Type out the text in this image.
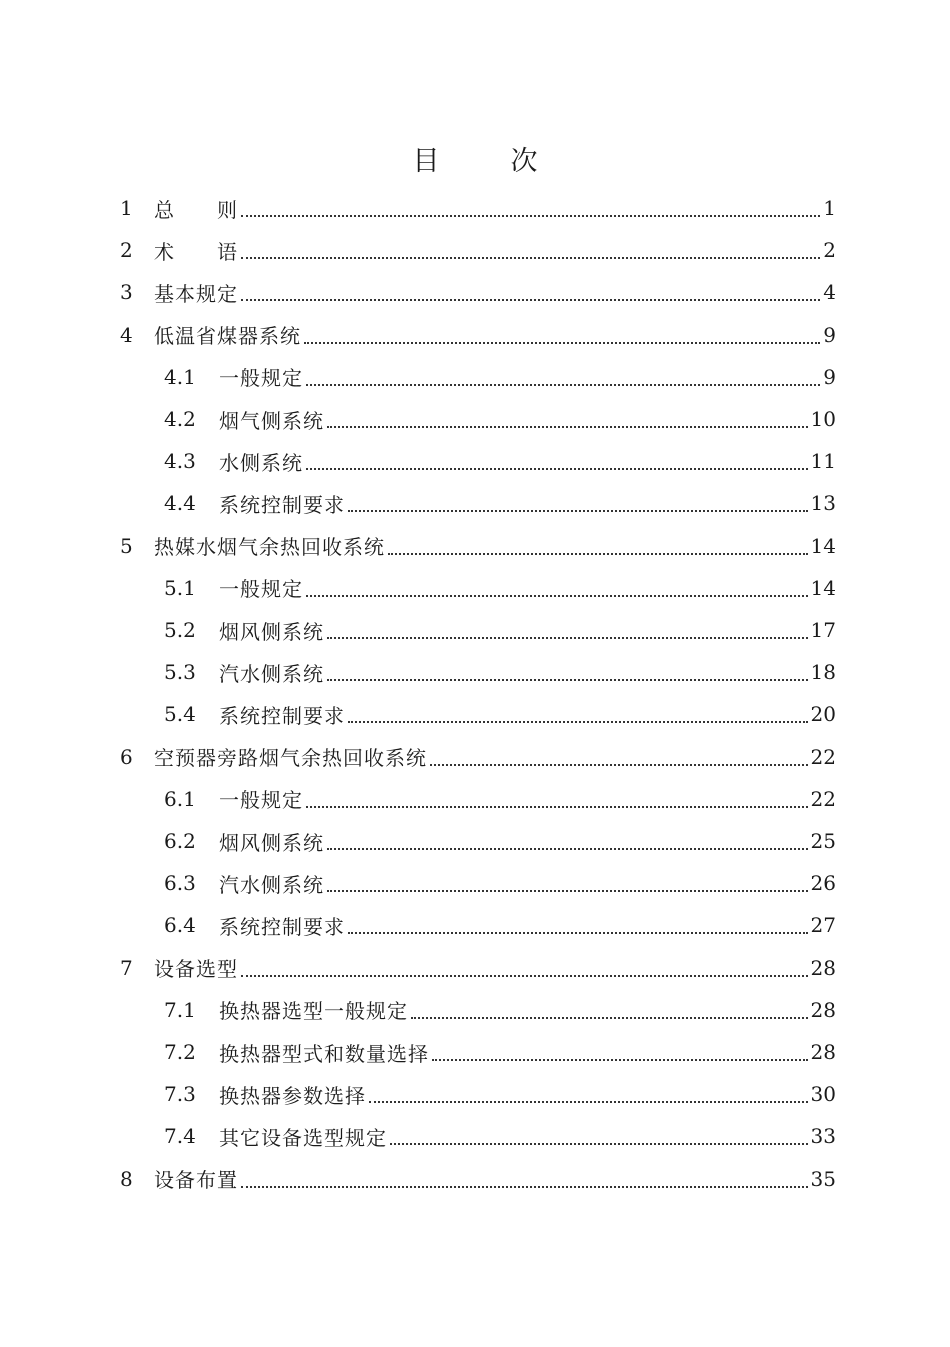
目　次
1	总　　则	1
2	术　　语	2
3	基本规定	4
4	低温省煤器系统	9
4.1	一般规定	9
4.2	烟气侧系统	10
4.3	水侧系统	11
4.4	系统控制要求	13
5	热媒水烟气余热回收系统	14
5.1	一般规定	14
5.2	烟风侧系统	17
5.3	汽水侧系统	18
5.4	系统控制要求	20
6	空预器旁路烟气余热回收系统	22
6.1	一般规定	22
6.2	烟风侧系统	25
6.3	汽水侧系统	26
6.4	系统控制要求	27
7	设备选型	28
7.1	换热器选型一般规定	28
7.2	换热器型式和数量选择	28
7.3	换热器参数选择	30
7.4	其它设备选型规定	33
8	设备布置	35
